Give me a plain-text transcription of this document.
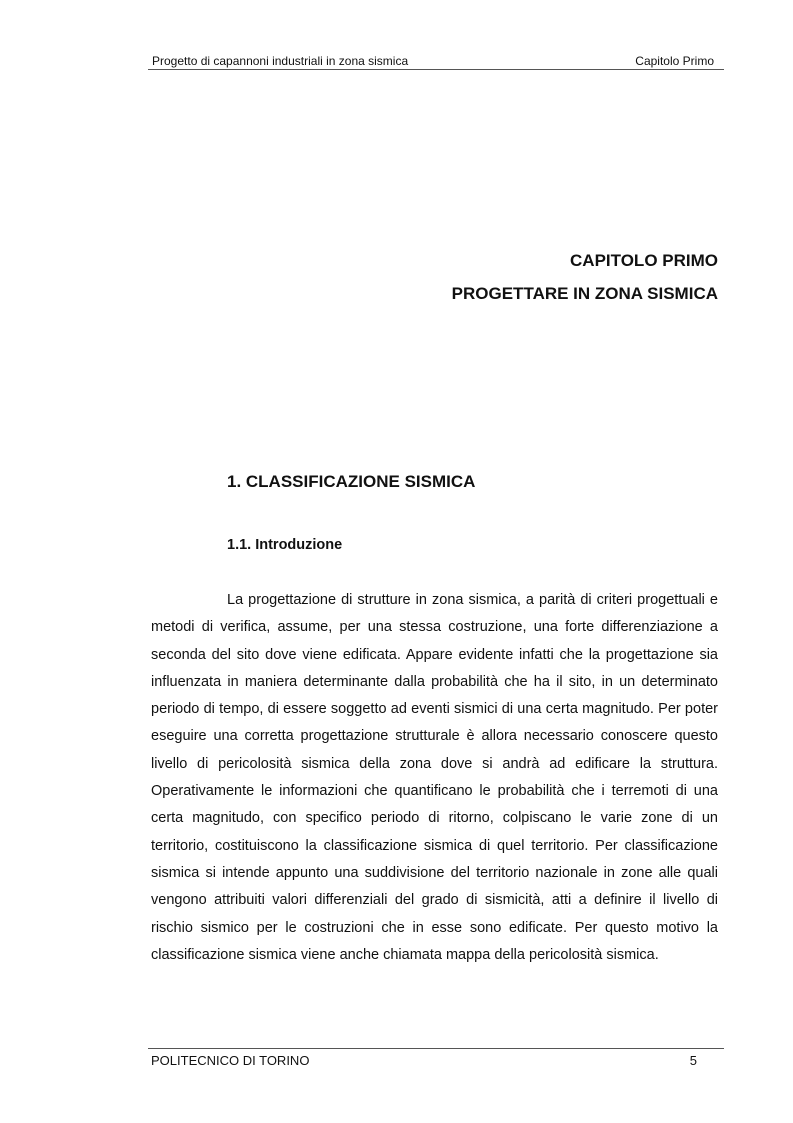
Progetto di capannoni industriali in zona sismica	Capitolo Primo
CAPITOLO PRIMO
PROGETTARE IN ZONA SISMICA
1. CLASSIFICAZIONE SISMICA
1.1. Introduzione

La progettazione di strutture in zona sismica, a parità di criteri progettuali e metodi di verifica, assume, per una stessa costruzione, una forte differenziazione a seconda del sito dove viene edificata. Appare evidente infatti che la progettazione sia influenzata in maniera determinante dalla probabilità che ha il sito, in un determinato periodo di tempo, di essere soggetto ad eventi sismici di una certa magnitudo. Per poter eseguire una corretta progettazione strutturale è allora necessario conoscere questo livello di pericolosità sismica della zona dove si andrà ad edificare la struttura. Operativamente le informazioni che quantificano le probabilità che i terremoti di una certa magnitudo, con specifico periodo di ritorno, colpiscano le varie zone di un territorio, costituiscono la classificazione sismica di quel territorio. Per classificazione sismica si intende appunto una suddivisione del territorio nazionale in zone alle quali vengono attribuiti valori differenziali del grado di sismicità, atti a definire il livello di rischio sismico per le costruzioni che in esse sono edificate. Per questo motivo la classificazione sismica viene anche chiamata mappa della pericolosità sismica.

POLITECNICO DI TORINO	5
